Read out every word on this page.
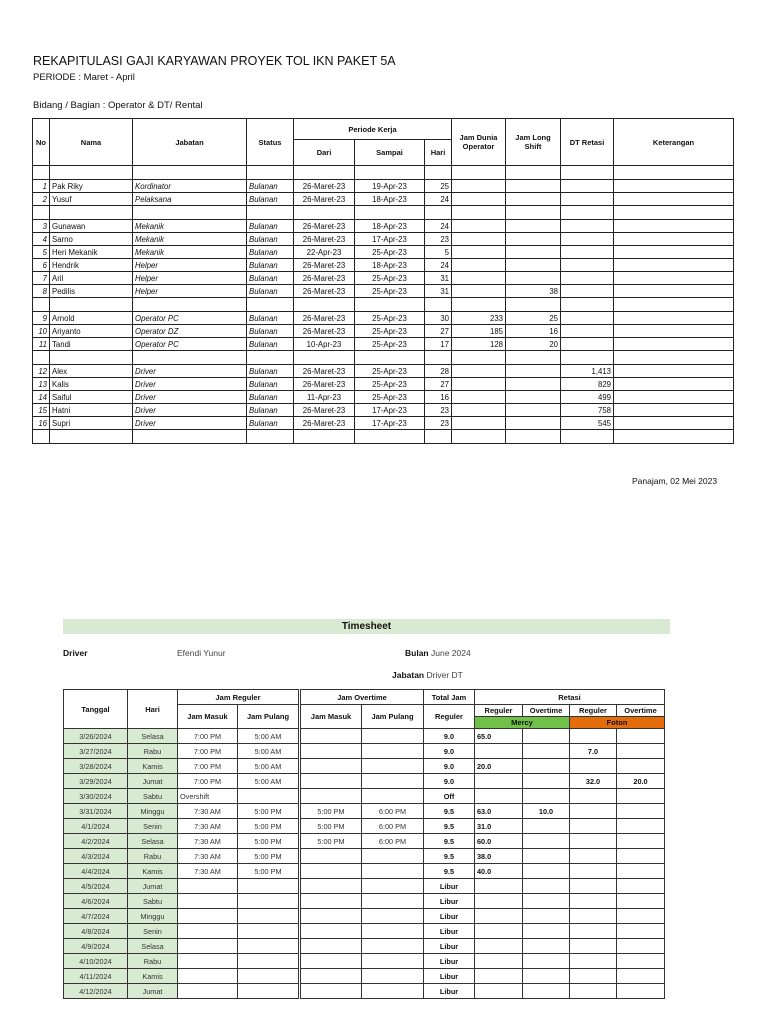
REKAPITULASI GAJI KARYAWAN PROYEK TOL IKN PAKET 5A
PERIODE : Maret - April
Bidang / Bagian : Operator & DT/ Rental
No	Nama	Jabatan	Status	Periode Kerja			Jam Dunia Operator	Jam Long Shift	DT Retasi	Keterangan
				Dari	Sampai	Hari				

1	Pak Riky	Kordinator	Bulanan	26-Maret-23	19-Apr-23	25				
2	Yusuf	Pelaksana	Bulanan	26-Maret-23	18-Apr-23	24				

3	Gunawan	Mekanik	Bulanan	26-Maret-23	18-Apr-23	24				
4	Sarno	Mekanik	Bulanan	26-Maret-23	17-Apr-23	23				
5	Heri Mekanik	Mekanik	Bulanan	22-Apr-23	25-Apr-23	5				
6	Hendrik	Helper	Bulanan	26-Maret-23	18-Apr-23	24				
7	Aril	Helper	Bulanan	26-Maret-23	25-Apr-23	31				
8	Pedilis	Helper	Bulanan	26-Maret-23	25-Apr-23	31		38		

9	Arnold	Operator PC	Bulanan	26-Maret-23	25-Apr-23	30	233	25		
10	Ariyanto	Operator DZ	Bulanan	26-Maret-23	25-Apr-23	27	185	16		
11	Tandi	Operator PC	Bulanan	10-Apr-23	25-Apr-23	17	128	20		

12	Alex	Driver	Bulanan	26-Maret-23	25-Apr-23	28			1,413	
13	Kalis	Driver	Bulanan	26-Maret-23	25-Apr-23	27			829	
14	Saiful	Driver	Bulanan	11-Apr-23	25-Apr-23	16			499	
15	Hatni	Driver	Bulanan	26-Maret-23	17-Apr-23	23			758	
16	Supri	Driver	Bulanan	26-Maret-23	17-Apr-23	23			545	

Panajam, 02 Mei 2023
Timesheet
Driver	Efendi Yunur	Bulan June 2024
Jabatan Driver DT
Tanggal	Hari	Jam Reguler		Jam Overtime		Total Jam	Retasi			
		Jam Masuk	Jam Pulang	Jam Masuk	Jam Pulang	Reguler	Reguler	Overtime	Reguler	Overtime
							Mercy		Foton	
3/26/2024	Selasa	7:00 PM	5:00 AM			9.0	65.0			
3/27/2024	Rabu	7:00 PM	5:00 AM			9.0			7.0	
3/28/2024	Kamis	7:00 PM	5:00 AM			9.0	20.0			
3/29/2024	Jumat	7:00 PM	5:00 AM			9.0			32.0	20.0
3/30/2024	Sabtu	Overshift				Off				
3/31/2024	Minggu	7:30 AM	5:00 PM	5:00 PM	6:00 PM	9.5	63.0	10.0		
4/1/2024	Senin	7:30 AM	5:00 PM	5:00 PM	6:00 PM	9.5	31.0			
4/2/2024	Selasa	7:30 AM	5:00 PM	5:00 PM	6:00 PM	9.5	60.0			
4/3/2024	Rabu	7:30 AM	5:00 PM			9.5	38.0			
4/4/2024	Kamis	7:30 AM	5:00 PM			9.5	40.0			
4/5/2024	Jumat					Libur				
4/6/2024	Sabtu					Libur				
4/7/2024	Minggu					Libur				
4/8/2024	Senin					Libur				
4/9/2024	Selasa					Libur				
4/10/2024	Rabu					Libur				
4/11/2024	Kamis					Libur				
4/12/2024	Jumat					Libur				
